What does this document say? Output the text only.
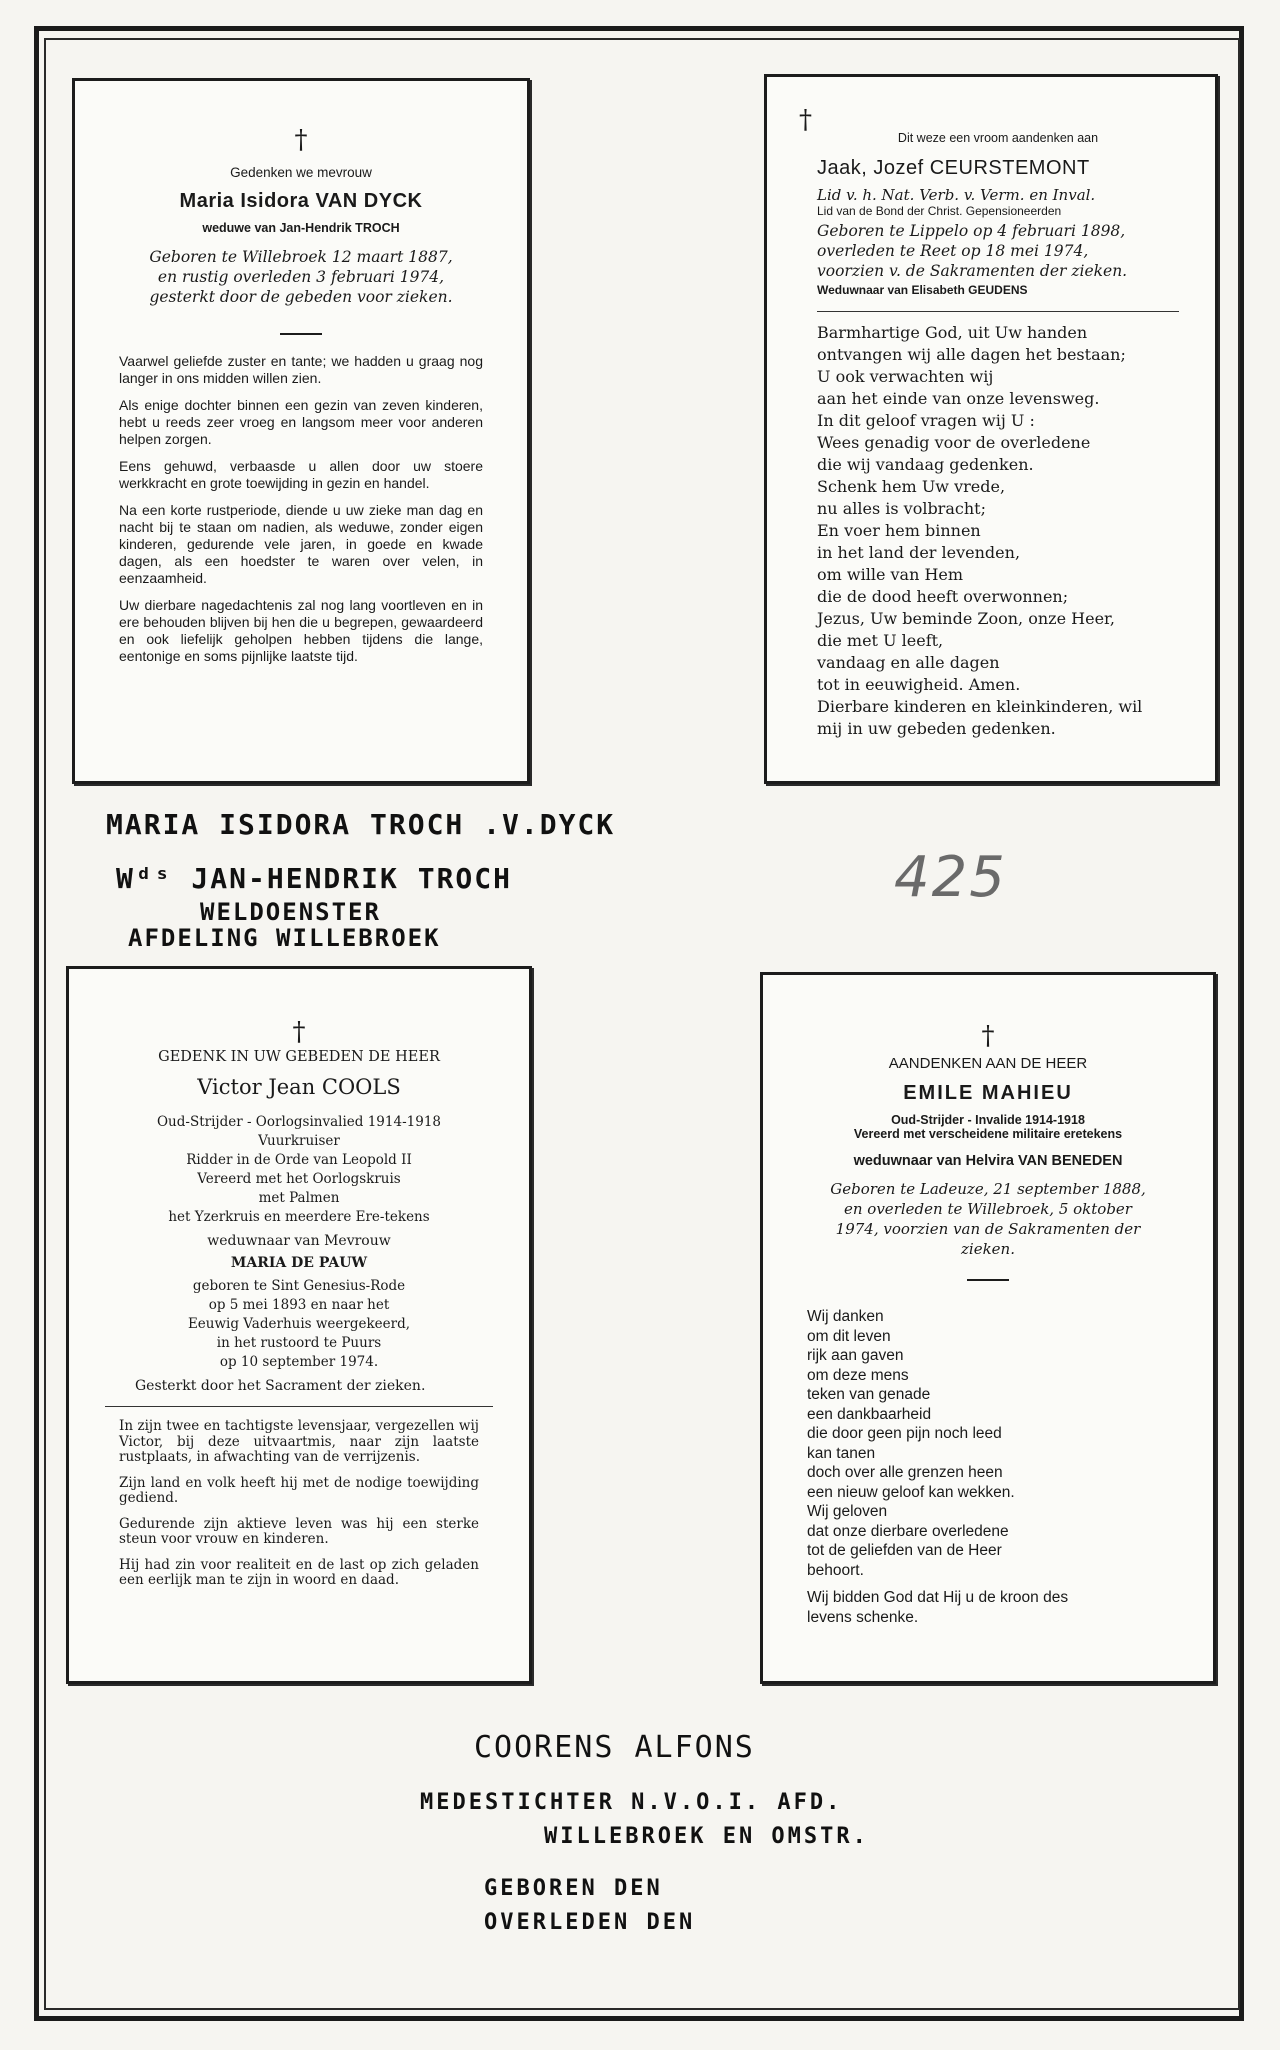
†
Gedenken we mevrouw
Maria Isidora VAN DYCK
weduwe van Jan-Hendrik TROCH
Geboren te Willebroek 12 maart 1887,
en rustig overleden 3 februari 1974,
gesterkt door de gebeden voor zieken.

Vaarwel geliefde zuster en tante; we hadden u graag nog langer in ons midden willen zien.

Als enige dochter binnen een gezin van zeven kinderen, hebt u reeds zeer vroeg en langsom meer voor anderen helpen zorgen.

Eens gehuwd, verbaasde u allen door uw stoere werkkracht en grote toewijding in gezin en handel.

Na een korte rustperiode, diende u uw zieke man dag en nacht bij te staan om nadien, als weduwe, zonder eigen kinderen, gedurende vele jaren, in goede en kwade dagen, als een hoedster te waren over velen, in eenzaamheid.

Uw dierbare nagedachtenis zal nog lang voortleven en in ere behouden blijven bij hen die u begrepen, gewaardeerd en ook liefelijk geholpen hebben tijdens die lange, eentonige en soms pijnlijke laatste tijd.

†
Dit weze een vroom aandenken aan
Jaak, Jozef CEURSTEMONT
Lid v. h. Nat. Verb. v. Verm. en Inval.
Lid van de Bond der Christ. Gepensioneerden
Geboren te Lippelo op 4 februari 1898,
overleden te Reet op 18 mei 1974,
voorzien v. de Sakramenten der zieken.
Weduwnaar van Elisabeth GEUDENS
Barmhartige God, uit Uw handen
ontvangen wij alle dagen het bestaan;
U ook verwachten wij
aan het einde van onze levensweg.
In dit geloof vragen wij U :
Wees genadig voor de overledene
die wij vandaag gedenken.
Schenk hem Uw vrede,
nu alles is volbracht;
En voer hem binnen
in het land der levenden,
om wille van Hem
die de dood heeft overwonnen;
Jezus, Uw beminde Zoon, onze Heer,
die met U leeft,
vandaag en alle dagen
tot in eeuwigheid. Amen.
Dierbare kinderen en kleinkinderen, wil
mij in uw gebeden gedenken.
MARIA ISIDORA TROCH .V.DYCK
Wᵈˢ JAN-HENDRIK TROCH
WELDOENSTER
AFDELING WILLEBROEK
425
†
GEDENK IN UW GEBEDEN DE HEER
Victor Jean COOLS
Oud-Strijder - Oorlogsinvalied 1914-1918
Vuurkruiser
Ridder in de Orde van Leopold II
Vereerd met het Oorlogskruis
met Palmen
het Yzerkruis en meerdere Ere-tekens
weduwnaar van Mevrouw
MARIA DE PAUW
geboren te Sint Genesius-Rode
op 5 mei 1893 en naar het
Eeuwig Vaderhuis weergekeerd,
in het rustoord te Puurs
op 10 september 1974.
Gesterkt door het Sacrament der zieken.

In zijn twee en tachtigste levensjaar, vergezellen wij Victor, bij deze uitvaartmis, naar zijn laatste rustplaats, in afwachting van de verrijzenis.

Zijn land en volk heeft hij met de nodige toewijding gediend.

Gedurende zijn aktieve leven was hij een sterke steun voor vrouw en kinderen.

Hij had zin voor realiteit en de last op zich geladen een eerlijk man te zijn in woord en daad.

†
AANDENKEN AAN DE HEER
EMILE MAHIEU
Oud-Strijder - Invalide 1914-1918
Vereerd met verscheidene militaire eretekens
weduwnaar van Helvira VAN BENEDEN
Geboren te Ladeuze, 21 september 1888,
en overleden te Willebroek, 5 oktober
1974, voorzien van de Sakramenten der
zieken.
Wij danken
om dit leven
rijk aan gaven
om deze mens
teken van genade
een dankbaarheid
die door geen pijn noch leed
kan tanen
doch over alle grenzen heen
een nieuw geloof kan wekken.
Wij geloven
dat onze dierbare overledene
tot de geliefden van de Heer
behoort.
Wij bidden God dat Hij u de kroon des
levens schenke.
COORENS ALFONS
MEDESTICHTER N.V.O.I. AFD.
WILLEBROEK EN OMSTR.
GEBOREN DEN
OVERLEDEN DEN
